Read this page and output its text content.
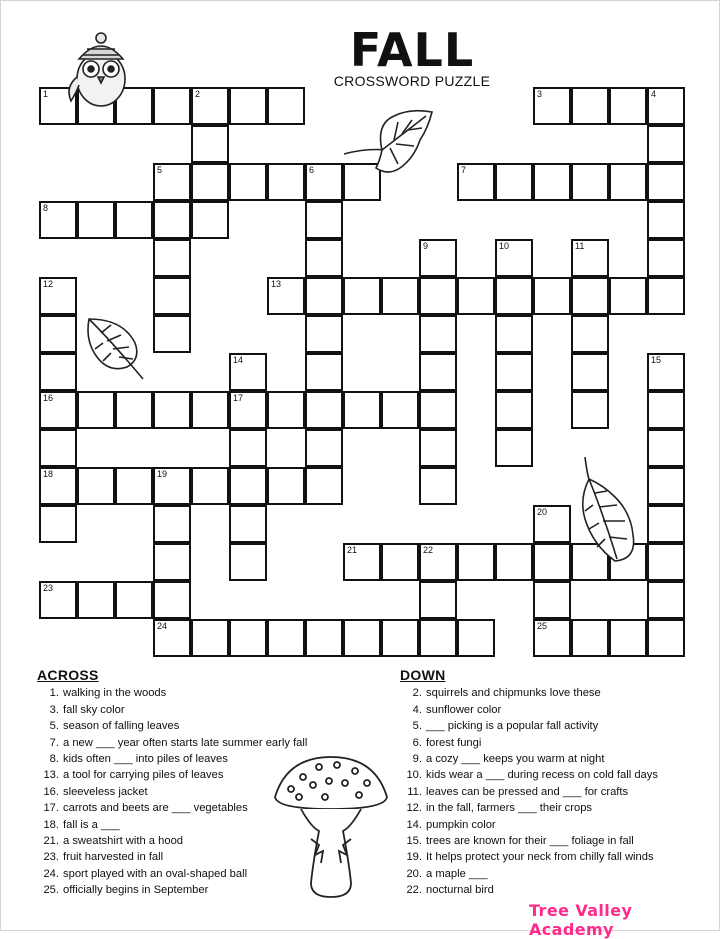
FALL
CROSSWORD PUZZLE
1	2	3	4
5	6	7
8
9	10	11
12	13
14	15
16	17
18	19
20
21	22
23
24	25
ACROSS
1. walking in the woods
3. fall sky color
5. season of falling leaves
7. a new ___ year often starts late summer early fall
8. kids often ___ into piles of leaves
13. a tool for carrying piles of leaves
16. sleeveless jacket
17. carrots and beets are ___ vegetables
18. fall is a ___
21. a sweatshirt with a hood
23. fruit harvested in fall
24. sport played with an oval-shaped ball
25. officially begins in September
DOWN
2. squirrels and chipmunks love these
4. sunflower color
5. ___ picking is a popular fall activity
6. forest fungi
9. a cozy ___ keeps you warm at night
10. kids wear a ___ during recess on cold fall days
11. leaves can be pressed and ___ for crafts
12. in the fall, farmers ___ their crops
14. pumpkin color
15. trees are known for their ___ foliage in fall
19. It helps protect your neck from chilly fall winds
20. a maple ___
22. nocturnal bird
Tree Valley Academy
